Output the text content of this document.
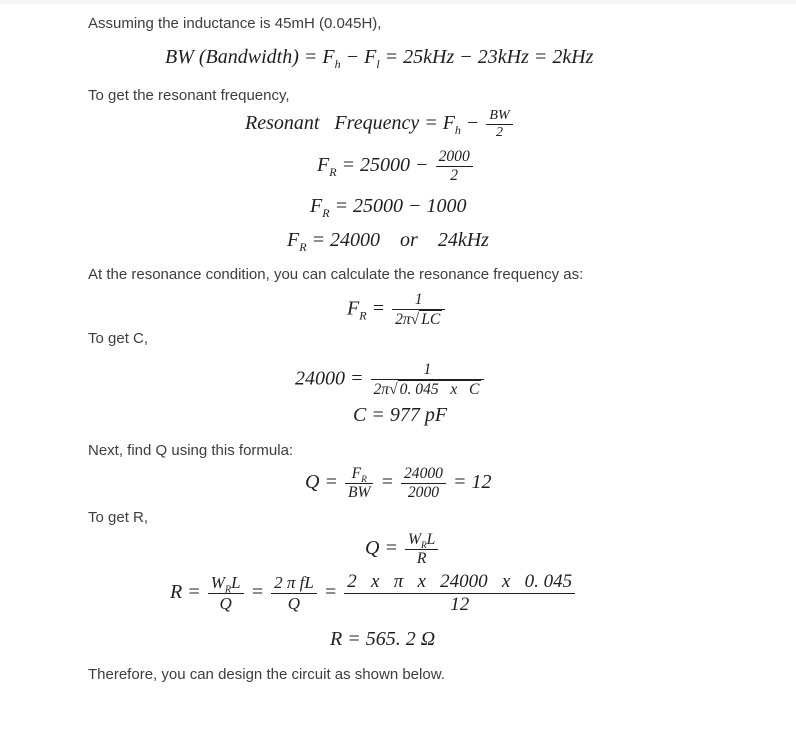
Assuming the inductance is 45mH (0.045H),

BW (Bandwidth) = $F_h - F_l = 25kHz - 23kHz = 2kHz$

To get the resonant frequency,

Resonant   Frequency = $F_h - \frac{BW}{2}$
$F_R = 25000 - \frac{2000}{2}$
$F_R = 25000 - 1000$
$F_R = 24000$    or    24kHz

At the resonance condition, you can calculate the resonance frequency as:

$F_R = \frac{1}{2\pi √ LC}$

To get C,

$24000 = \frac{1}{\text{2π √ 0. 045   x   C}}$
C = 977 pF

Next, find Q using this formula:

$Q = \frac{F_R}{BW} = \frac{24000}{2000} = 12$

To get R,

$Q = \frac{W_RL}{R}$
$R = \frac{W_RL}{Q} = \frac{\text{2 π fL}}{Q} = \frac{\text{2   x   π   x   24000   x   0. 045}}{12}$
R = 565. 2 Ω

Therefore, you can design the circuit as shown below.
